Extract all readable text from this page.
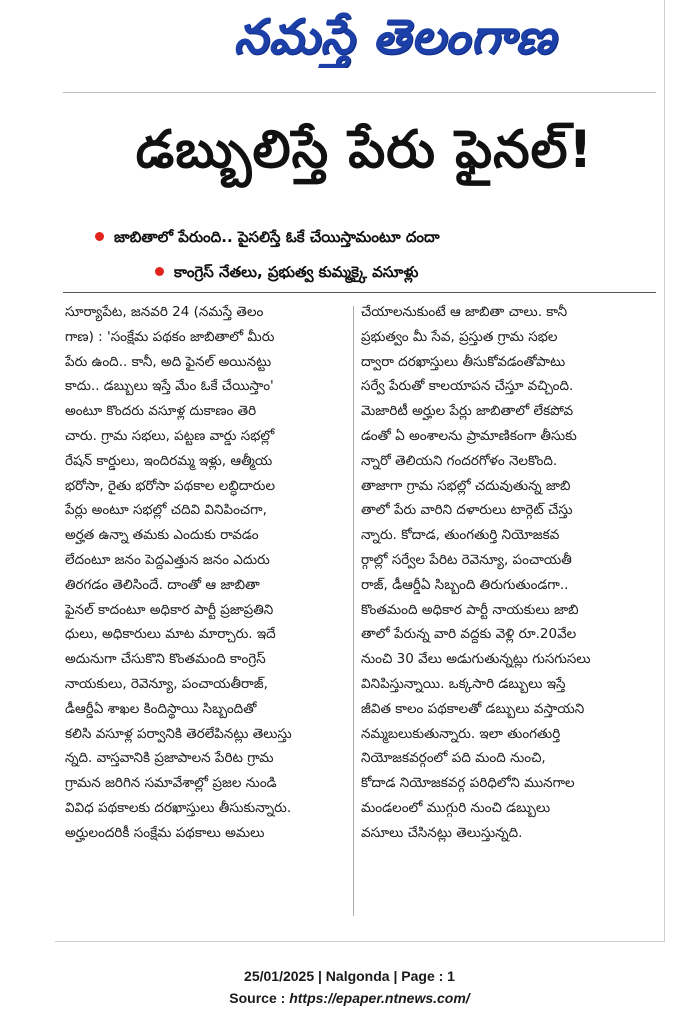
నమస్తే తెలంగాణ
డబ్బులిస్తే పేరు ఫైనల్!
జాబితాలో పేరుంది.. పైసలిస్తే ఓకే చేయిస్తామంటూ దందా
కాంగ్రెస్ నేతలు, ప్రభుత్వ కుమ్మక్కై వసూళ్లు

సూర్యాపేట, జనవరి 24 (నమస్తే తెలం

గాణ) : 'సంక్షేమ పథకం జాబితాలో మీరు

పేరు ఉంది.. కానీ, అది ఫైనల్ అయినట్టు

కాదు.. డబ్బులు ఇస్తే మేం ఓకే చేయిస్తాం'

అంటూ కొందరు వసూళ్ల దుకాణం తెరి

చారు. గ్రామ సభలు, పట్టణ వార్డు సభల్లో

రేషన్ కార్డులు, ఇందిరమ్మ ఇళ్లు, ఆత్మీయ

భరోసా, రైతు భరోసా పథకాల లబ్ధిదారుల

పేర్లు అంటూ సభల్లో చదివి వినిపించగా,

అర్హత ఉన్నా తమకు ఎందుకు రావడం

లేదంటూ జనం పెద్దఎత్తున జనం ఎదురు

తిరగడం తెలిసిందే. దాంతో ఆ జాబితా

ఫైనల్ కాదంటూ అధికార పార్టీ ప్రజాప్రతిని

ధులు, అధికారులు మాట మార్చారు. ఇదే

అదునుగా చేసుకొని కొంతమంది కాంగ్రెస్

నాయకులు, రెవెన్యూ, పంచాయతీరాజ్,

డీఆర్డీఏ శాఖల కిందిస్థాయి సిబ్బందితో

కలిసి వసూళ్ల పర్వానికి తెరలేపినట్లు తెలుస్తు

న్నది. వాస్తవానికి ప్రజాపాలన పేరిట గ్రామ

గ్రామన జరిగిన సమావేశాల్లో ప్రజల నుండి

వివిధ పథకాలకు దరఖాస్తులు తీసుకున్నారు.

అర్హులందరికీ సంక్షేమ పథకాలు అమలు

చేయాలనుకుంటే ఆ జాబితా చాలు. కానీ

ప్రభుత్వం మీ సేవ, ప్రస్తుత గ్రామ సభల

ద్వారా దరఖాస్తులు తీసుకోవడంతోపాటు

సర్వే పేరుతో కాలయాపన చేస్తూ వచ్చింది.

మెజారిటీ అర్హుల పేర్లు జాబితాలో లేకపోవ

డంతో ఏ అంశాలను ప్రామాణికంగా తీసుకు

న్నారో తెలియని గందరగోళం నెలకొంది.

తాజాగా గ్రామ సభల్లో చదువుతున్న జాబి

తాలో పేరు వారిని దళారులు టార్గెట్ చేస్తు

న్నారు. కోదాడ, తుంగతుర్తి నియోజకవ

ర్గాల్లో సర్వేల పేరిట రెవెన్యూ, పంచాయతీ

రాజ్, డీఆర్డీఏ సిబ్బంది తిరుగుతుండగా..

కొంతమంది అధికార పార్టీ నాయకులు జాబి

తాలో పేరున్న వారి వద్దకు వెళ్లి రూ.20వేల

నుంచి 30 వేలు అడుగుతున్నట్లు గుసగుసలు

వినిపిస్తున్నాయి. ఒక్కసారి డబ్బులు ఇస్తే

జీవిత కాలం పథకాలతో డబ్బులు వస్తాయని

నమ్మబలుకుతున్నారు. ఇలా తుంగతుర్తి

నియోజకవర్గంలో పది మంది నుంచి,

కోదాడ నియోజకవర్గ పరిధిలోని మునగాల

మండలంలో ముగ్గురి నుంచి డబ్బులు

వసూలు చేసినట్లు తెలుస్తున్నది.

25/01/2025 | Nalgonda | Page : 1
Source : https://epaper.ntnews.com/
